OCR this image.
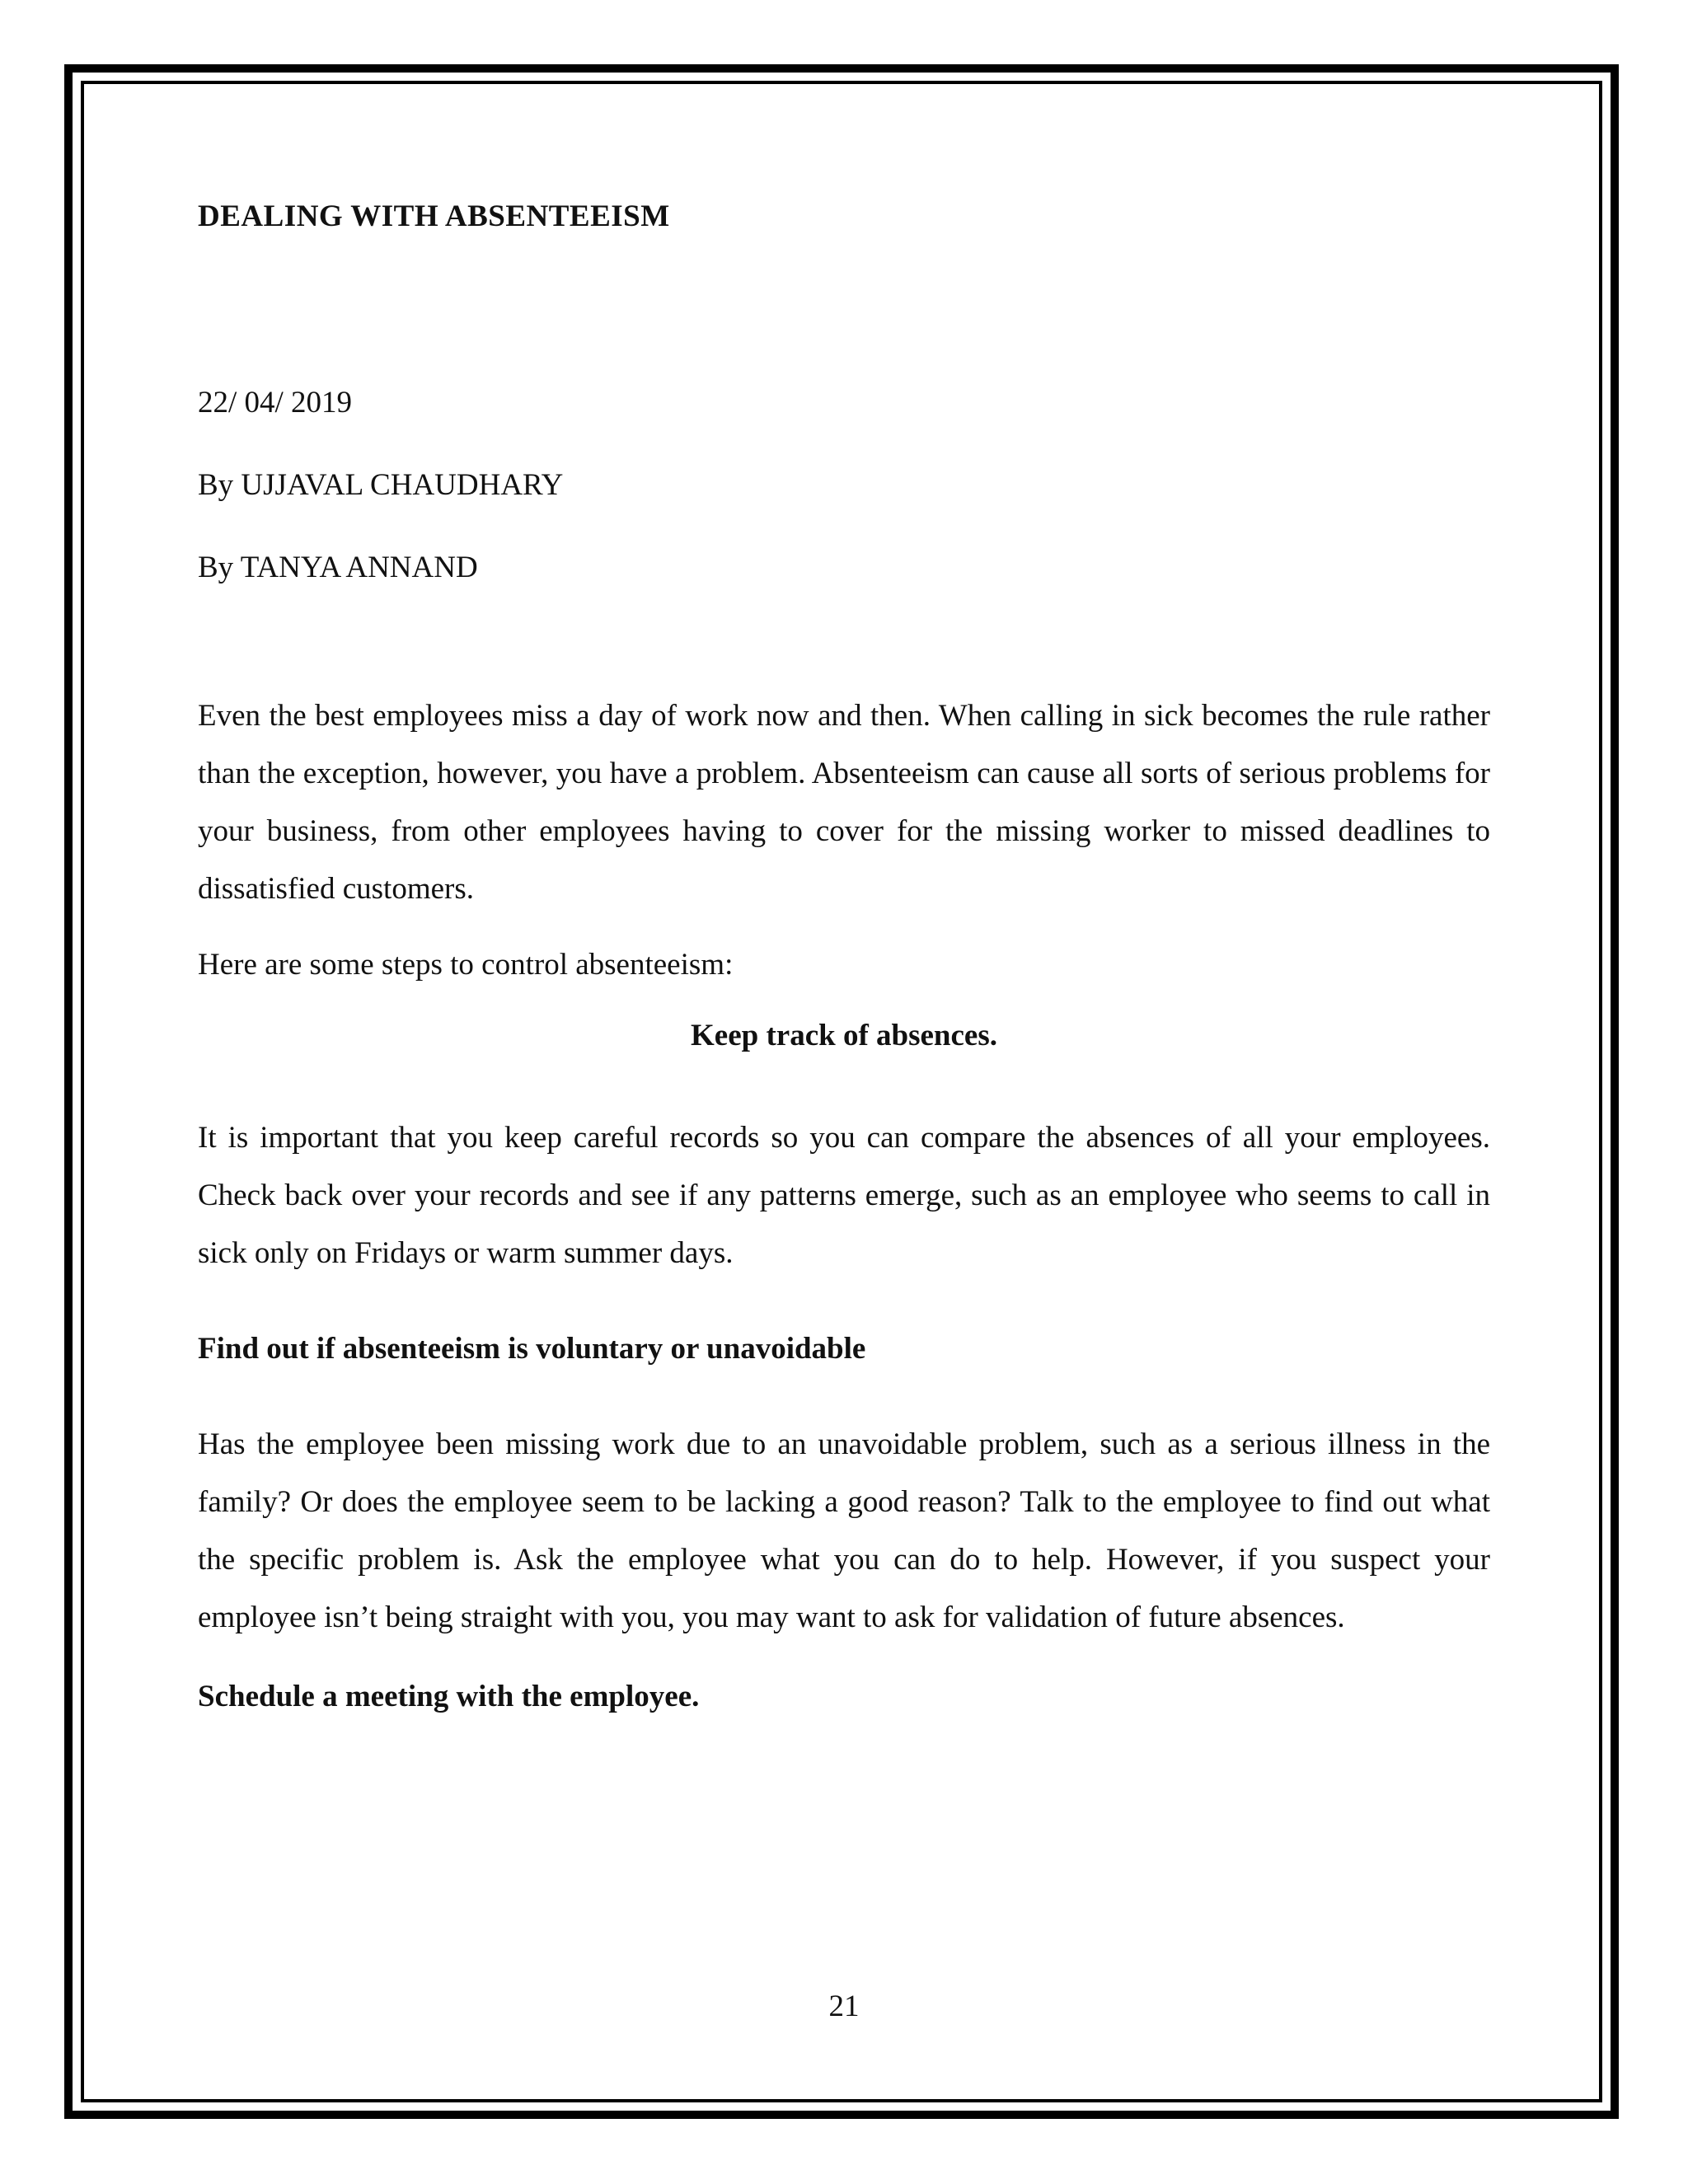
DEALING WITH ABSENTEEISM

22/ 04/ 2019

By UJJAVAL CHAUDHARY

By TANYA ANNAND

Even the best employees miss a day of work now and then. When calling in sick becomes the rule rather than the exception, however, you have a problem. Absenteeism can cause all sorts of serious problems for your business, from other employees having to cover for the missing worker to missed deadlines to dissatisfied customers.

Here are some steps to control absenteeism:

Keep track of absences.

It is important that you keep careful records so you can compare the absences of all your employees. Check back over your records and see if any patterns emerge, such as an employee who seems to call in sick only on Fridays or warm summer days.

Find out if absenteeism is voluntary or unavoidable

Has the employee been missing work due to an unavoidable problem, such as a serious illness in the family? Or does the employee seem to be lacking a good reason? Talk to the employee to find out what the specific problem is. Ask the employee what you can do to help. However, if you suspect your employee isn’t being straight with you, you may want to ask for validation of future absences.

Schedule a meeting with the employee.
21
